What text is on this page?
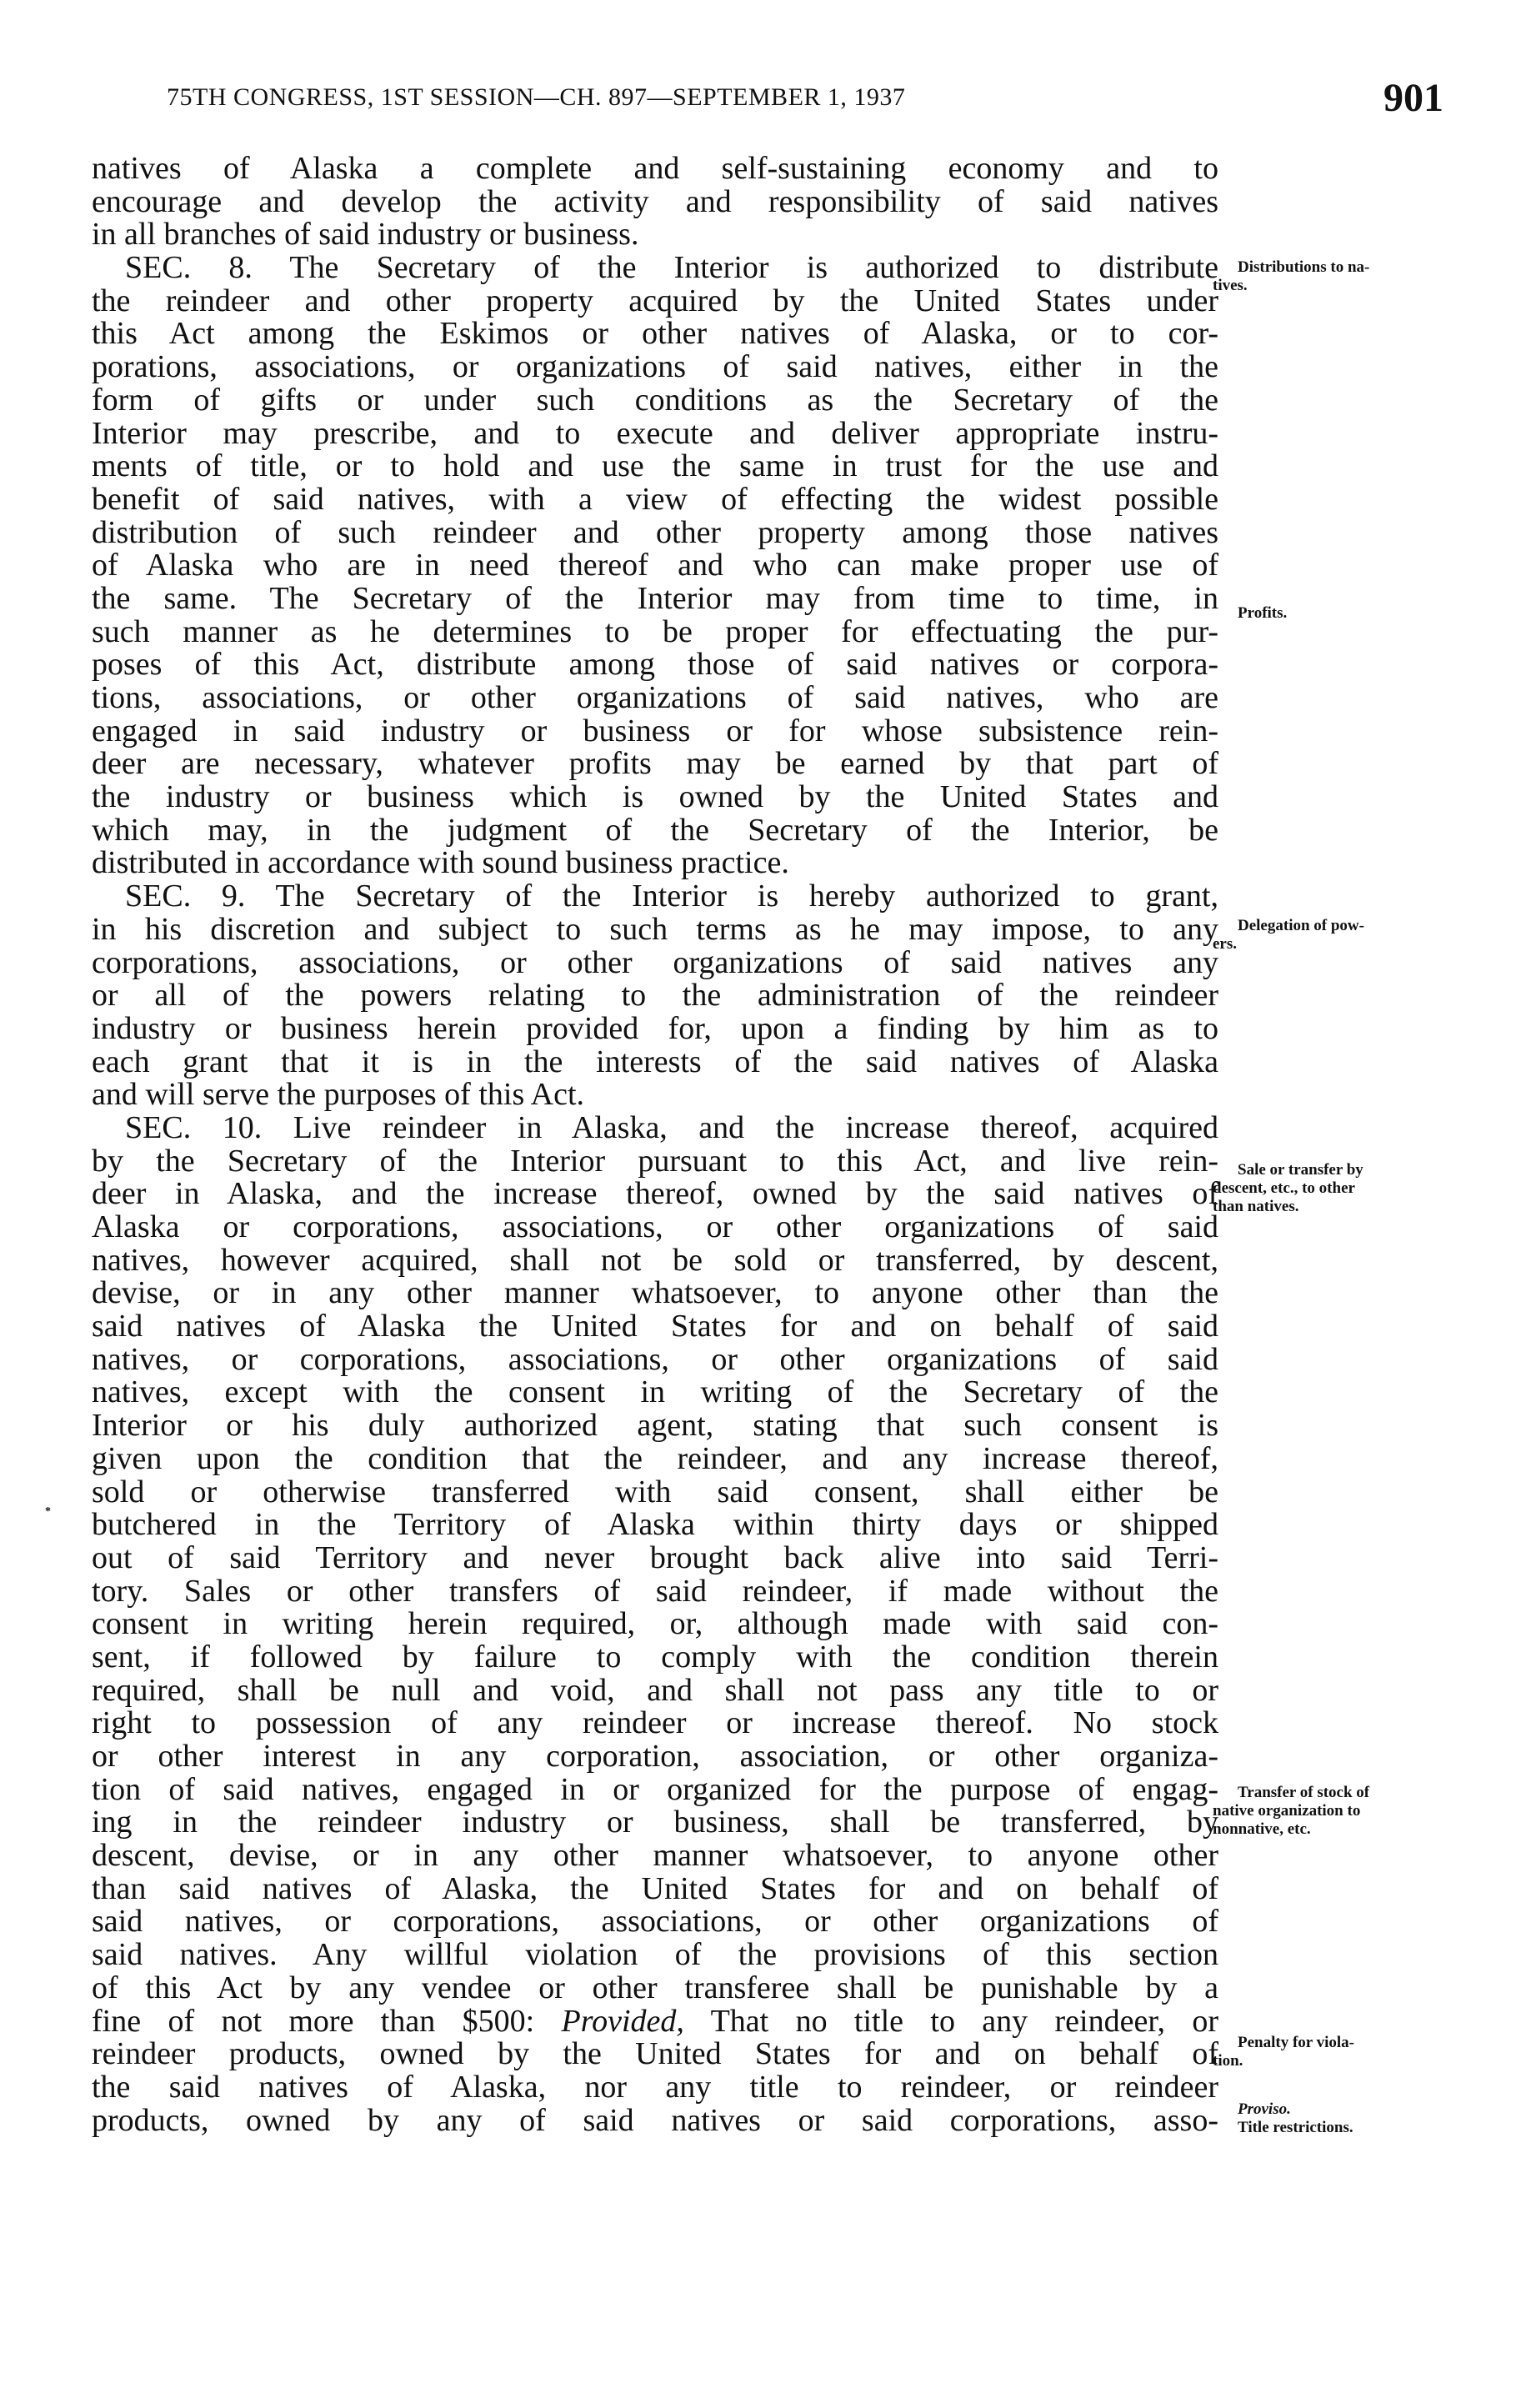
75TH CONGRESS, 1ST SESSION—CH. 897—SEPTEMBER 1, 1937	901
*
natives of Alaska a complete and self-sustaining economy and to
encourage and develop the activity and responsibility of said natives
in all branches of said industry or business.
SEC. 8. The Secretary of the Interior is authorized to distribute
the reindeer and other property acquired by the United States under
this Act among the Eskimos or other natives of Alaska, or to cor-
porations, associations, or organizations of said natives, either in the
form of gifts or under such conditions as the Secretary of the
Interior may prescribe, and to execute and deliver appropriate instru-
ments of title, or to hold and use the same in trust for the use and
benefit of said natives, with a view of effecting the widest possible
distribution of such reindeer and other property among those natives
of Alaska who are in need thereof and who can make proper use of
the same. The Secretary of the Interior may from time to time, in
such manner as he determines to be proper for effectuating the pur-
poses of this Act, distribute among those of said natives or corpora-
tions, associations, or other organizations of said natives, who are
engaged in said industry or business or for whose subsistence rein-
deer are necessary, whatever profits may be earned by that part of
the industry or business which is owned by the United States and
which may, in the judgment of the Secretary of the Interior, be
distributed in accordance with sound business practice.
SEC. 9. The Secretary of the Interior is hereby authorized to grant,
in his discretion and subject to such terms as he may impose, to any
corporations, associations, or other organizations of said natives any
or all of the powers relating to the administration of the reindeer
industry or business herein provided for, upon a finding by him as to
each grant that it is in the interests of the said natives of Alaska
and will serve the purposes of this Act.
SEC. 10. Live reindeer in Alaska, and the increase thereof, acquired
by the Secretary of the Interior pursuant to this Act, and live rein-
deer in Alaska, and the increase thereof, owned by the said natives of
Alaska or corporations, associations, or other organizations of said
natives, however acquired, shall not be sold or transferred, by descent,
devise, or in any other manner whatsoever, to anyone other than the
said natives of Alaska the United States for and on behalf of said
natives, or corporations, associations, or other organizations of said
natives, except with the consent in writing of the Secretary of the
Interior or his duly authorized agent, stating that such consent is
given upon the condition that the reindeer, and any increase thereof,
sold or otherwise transferred with said consent, shall either be
butchered in the Territory of Alaska within thirty days or shipped
out of said Territory and never brought back alive into said Terri-
tory. Sales or other transfers of said reindeer, if made without the
consent in writing herein required, or, although made with said con-
sent, if followed by failure to comply with the condition therein
required, shall be null and void, and shall not pass any title to or
right to possession of any reindeer or increase thereof. No stock
or other interest in any corporation, association, or other organiza-
tion of said natives, engaged in or organized for the purpose of engag-
ing in the reindeer industry or business, shall be transferred, by
descent, devise, or in any other manner whatsoever, to anyone other
than said natives of Alaska, the United States for and on behalf of
said natives, or corporations, associations, or other organizations of
said natives. Any willful violation of the provisions of this section
of this Act by any vendee or other transferee shall be punishable by a
fine of not more than $500: Provided, That no title to any reindeer, or
reindeer products, owned by the United States for and on behalf of
the said natives of Alaska, nor any title to reindeer, or reindeer
products, owned by any of said natives or said corporations, asso-
Distributions to na-
tives.
Profits.
Delegation of pow-
ers.
Sale or transfer by
descent, etc., to other
than natives.
Transfer of stock of
native organization to
nonnative, etc.
Penalty for viola-
tion.
Proviso.
Title restrictions.
